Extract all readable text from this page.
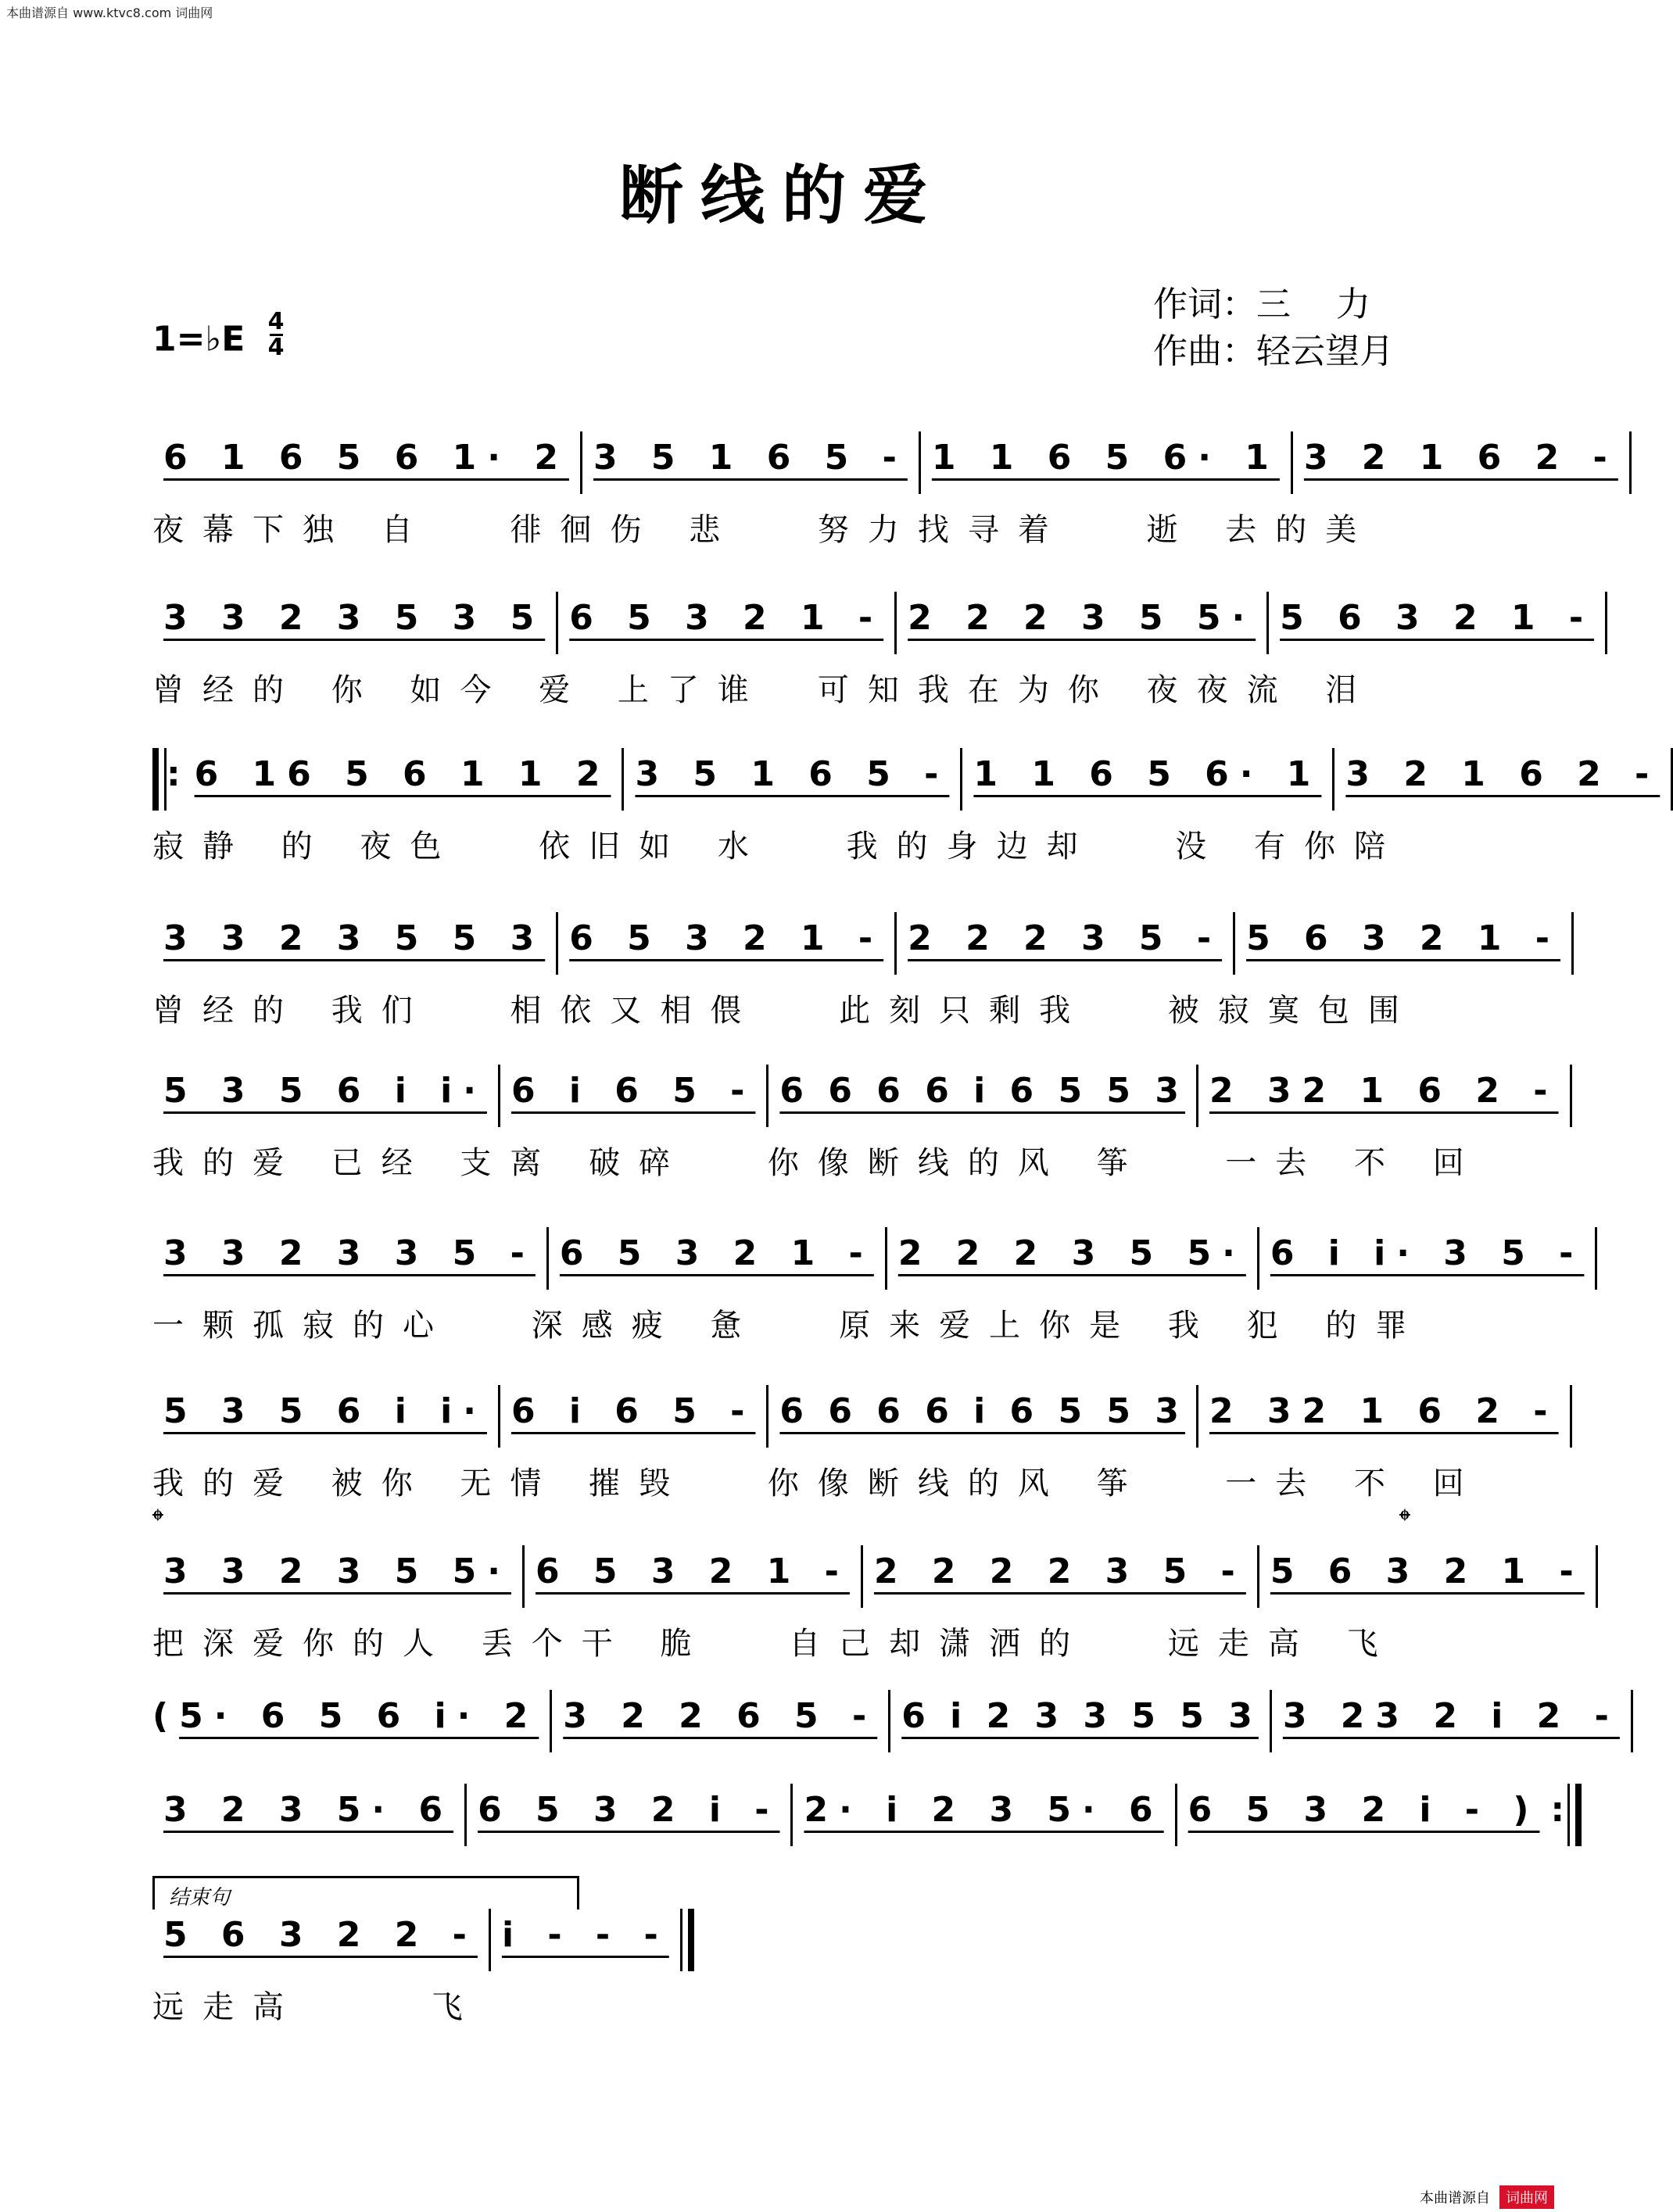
本曲谱源自 www.ktvc8.com 词曲网
断线的爱
作词：三　 力
作曲：轻云望月
1=♭E $\frac{4}{4}$
6 1 6 5 6 1· 2 3 5 1 6 5 - 1 1 6 5 6· 1 3 2 1 6 2 -
夜幕下独 自　 徘徊伤 悲　 努力找寻着　 逝 去的美
3 3 2 3 5 3 5 6 5 3 2 1 - 2 2 2 3 5 5· 5 6 3 2 1 -
曾经的 你 如今 爱 上了谁　可知我在为你 夜夜流 泪
: 6 16 5 6 1 1 2 3 5 1 6 5 - 1 1 6 5 6· 1 3 2 1 6 2 -
寂静 的 夜色　 依旧如 水　 我的身边却　 没 有你陪
3 3 2 3 5 5 3 6 5 3 2 1 - 2 2 2 3 5 - 5 6 3 2 1 -
曾经的 我们　 相依又相偎　 此刻只剩我　 被寂寞包围
5 3 5 6 i i· 6 i 6 5 - 6 6 6 6 i 6 5 5 3 2 32 1 6 2 -
我的爱 已经 支离 破碎　 你像断线的风 筝　 一去 不 回
3 3 2 3 3 5 - 6 5 3 2 1 - 2 2 2 3 5 5· 6 i i· 3 5 -
一颗孤寂的心　 深感疲 惫　 原来爱上你是 我 犯 的罪
5 3 5 6 i i· 6 i 6 5 - 6 6 6 6 i 6 5 5 3 2 32 1 6 2 -
我的爱 被你 无情 摧毁　 你像断线的风 筝　 一去 不 回
𝄌	𝄌
3 3 2 3 5 5· 6 5 3 2 1 - 2 2 2 2 3 5 - 5 6 3 2 1 -
把深爱你的人 丢个干 脆　 自己却潇洒的　 远走高 飞
( 5· 6 5 6 i· 2 3 2 2 6 5 - 6 i 2 3 3 5 5 3 3 23 2 i 2 -
3 2 3 5· 6 6 5 3 2 i - 2· i 2 3 5· 6 6 5 3 2 i - ) :
结束句
5 6 3 2 2 - i - - -
远走高　　 飞
本曲谱源自 词曲网
